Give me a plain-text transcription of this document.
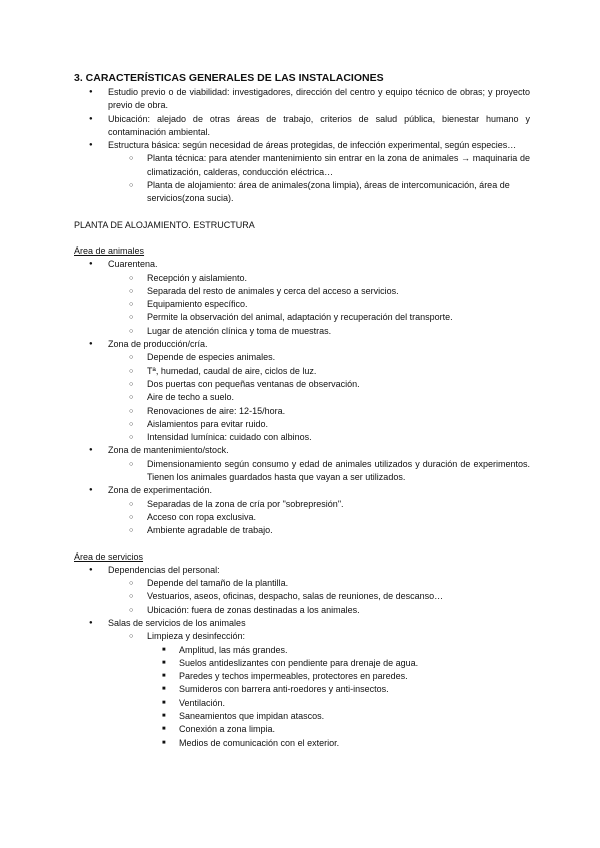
3. CARACTERÍSTICAS GENERALES DE LAS INSTALACIONES
● Estudio previo o de viabilidad: investigadores, dirección del centro y equipo técnico de obras; y proyecto previo de obra.
● Ubicación: alejado de otras áreas de trabajo, criterios de salud pública, bienestar humano y contaminación ambiental.
● Estructura básica: según necesidad de áreas protegidas, de infección experimental, según especies…
○ Planta técnica: para atender mantenimiento sin entrar en la zona de animales → maquinaria de climatización, calderas, conducción eléctrica…
○ Planta de alojamiento: área de animales(zona limpia), áreas de intercomunicación, área de servicios(zona sucia).
PLANTA DE ALOJAMIENTO. ESTRUCTURA
Área de animales
● Cuarentena.
○ Recepción y aislamiento.
○ Separada del resto de animales y cerca del acceso a servicios.
○ Equipamiento específico.
○ Permite la observación del animal, adaptación y recuperación del transporte.
○ Lugar de atención clínica y toma de muestras.
● Zona de producción/cría.
○ Depende de especies animales.
○ Tª, humedad, caudal de aire, ciclos de luz.
○ Dos puertas con pequeñas ventanas de observación.
○ Aire de techo a suelo.
○ Renovaciones de aire: 12-15/hora.
○ Aislamientos para evitar ruido.
○ Intensidad lumínica: cuidado con albinos.
● Zona de mantenimiento/stock.
○ Dimensionamiento según consumo y edad de animales utilizados y duración de experimentos. Tienen los animales guardados hasta que vayan a ser utilizados.
● Zona de experimentación.
○ Separadas de la zona de cría por "sobrepresión".
○ Acceso con ropa exclusiva.
○ Ambiente agradable de trabajo.
Área de servicios
● Dependencias del personal:
○ Depende del tamaño de la plantilla.
○ Vestuarios, aseos, oficinas, despacho, salas de reuniones, de descanso…
○ Ubicación: fuera de zonas destinadas a los animales.
● Salas de servicios de los animales
○ Limpieza y desinfección:
■ Amplitud, las más grandes.
■ Suelos antideslizantes con pendiente para drenaje de agua.
■ Paredes y techos impermeables, protectores en paredes.
■ Sumideros con barrera anti-roedores y anti-insectos.
■ Ventilación.
■ Saneamientos que impidan atascos.
■ Conexión a zona limpia.
■ Medios de comunicación con el exterior.
